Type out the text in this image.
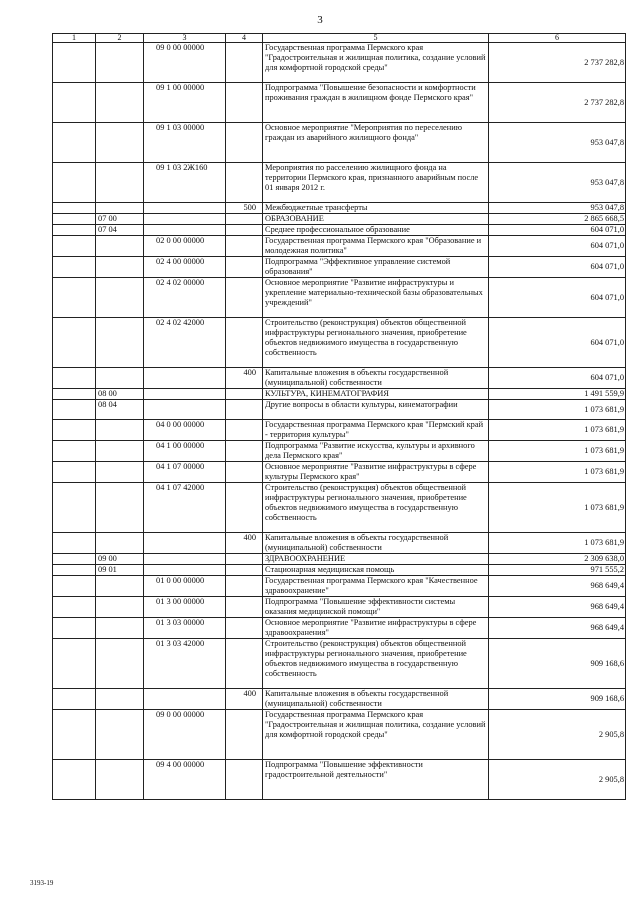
3
1	2	3	4	5	6
		09 0 00 00000		Государственная программа Пермского края "Градостроительная и жилищная политика, создание условий для комфортной городской среды"	2 737 282,8
		09 1 00 00000		Подпрограмма "Повышение безопасности и комфортности проживания граждан в жилищном фонде Пермского края"	2 737 282,8
		09 1 03 00000		Основное мероприятие "Мероприятия по переселению граждан из аварийного жилищного фонда"	953 047,8
		09 1 03 2Ж160		Мероприятия по расселению жилищного фонда на территории Пермского края, признанного аварийным после 01 января 2012 г.	953 047,8
			500	Межбюджетные трансферты	953 047,8
	07 00			ОБРАЗОВАНИЕ	2 865 668,5
	07 04			Среднее профессиональное образование	604 071,0
		02 0 00 00000		Государственная программа Пермского края "Образование и молодежная политика"	604 071,0
		02 4 00 00000		Подпрограмма "Эффективное управление системой образования"	604 071,0
		02 4 02 00000		Основное мероприятие "Развитие инфраструктуры и укрепление материально-технической базы образовательных учреждений"	604 071,0
		02 4 02 42000		Строительство (реконструкция) объектов общественной инфраструктуры регионального значения, приобретение объектов недвижимого имущества в государственную собственность	604 071,0
			400	Капитальные вложения в объекты государственной (муниципальной) собственности	604 071,0
	08 00			КУЛЬТУРА, КИНЕМАТОГРАФИЯ	1 491 559,9
	08 04			Другие вопросы в области культуры, кинематографии	1 073 681,9
		04 0 00 00000		Государственная программа Пермского края "Пермский край - территория культуры"	1 073 681,9
		04 1 00 00000		Подпрограмма "Развитие искусства, культуры и архивного дела Пермского края"	1 073 681,9
		04 1 07 00000		Основное мероприятие "Развитие инфраструктуры в сфере культуры Пермского края"	1 073 681,9
		04 1 07 42000		Строительство (реконструкция) объектов общественной инфраструктуры регионального значения, приобретение объектов недвижимого имущества в государственную собственность	1 073 681,9
			400	Капитальные вложения в объекты государственной (муниципальной) собственности	1 073 681,9
	09 00			ЗДРАВООХРАНЕНИЕ	2 309 638,0
	09 01			Стационарная медицинская помощь	971 555,2
		01 0 00 00000		Государственная программа Пермского края "Качественное здравоохранение"	968 649,4
		01 3 00 00000		Подпрограмма "Повышение эффективности системы оказания медицинской помощи"	968 649,4
		01 3 03 00000		Основное мероприятие "Развитие инфраструктуры в сфере здравоохранения"	968 649,4
		01 3 03 42000		Строительство (реконструкция) объектов общественной инфраструктуры регионального значения, приобретение объектов недвижимого имущества в государственную собственность	909 168,6
			400	Капитальные вложения в объекты государственной (муниципальной) собственности	909 168,6
		09 0 00 00000		Государственная программа Пермского края "Градостроительная и жилищная политика, создание условий для комфортной городской среды"	2 905,8
		09 4 00 00000		Подпрограмма "Повышение эффективности градостроительной деятельности"	2 905,8
3193-19
